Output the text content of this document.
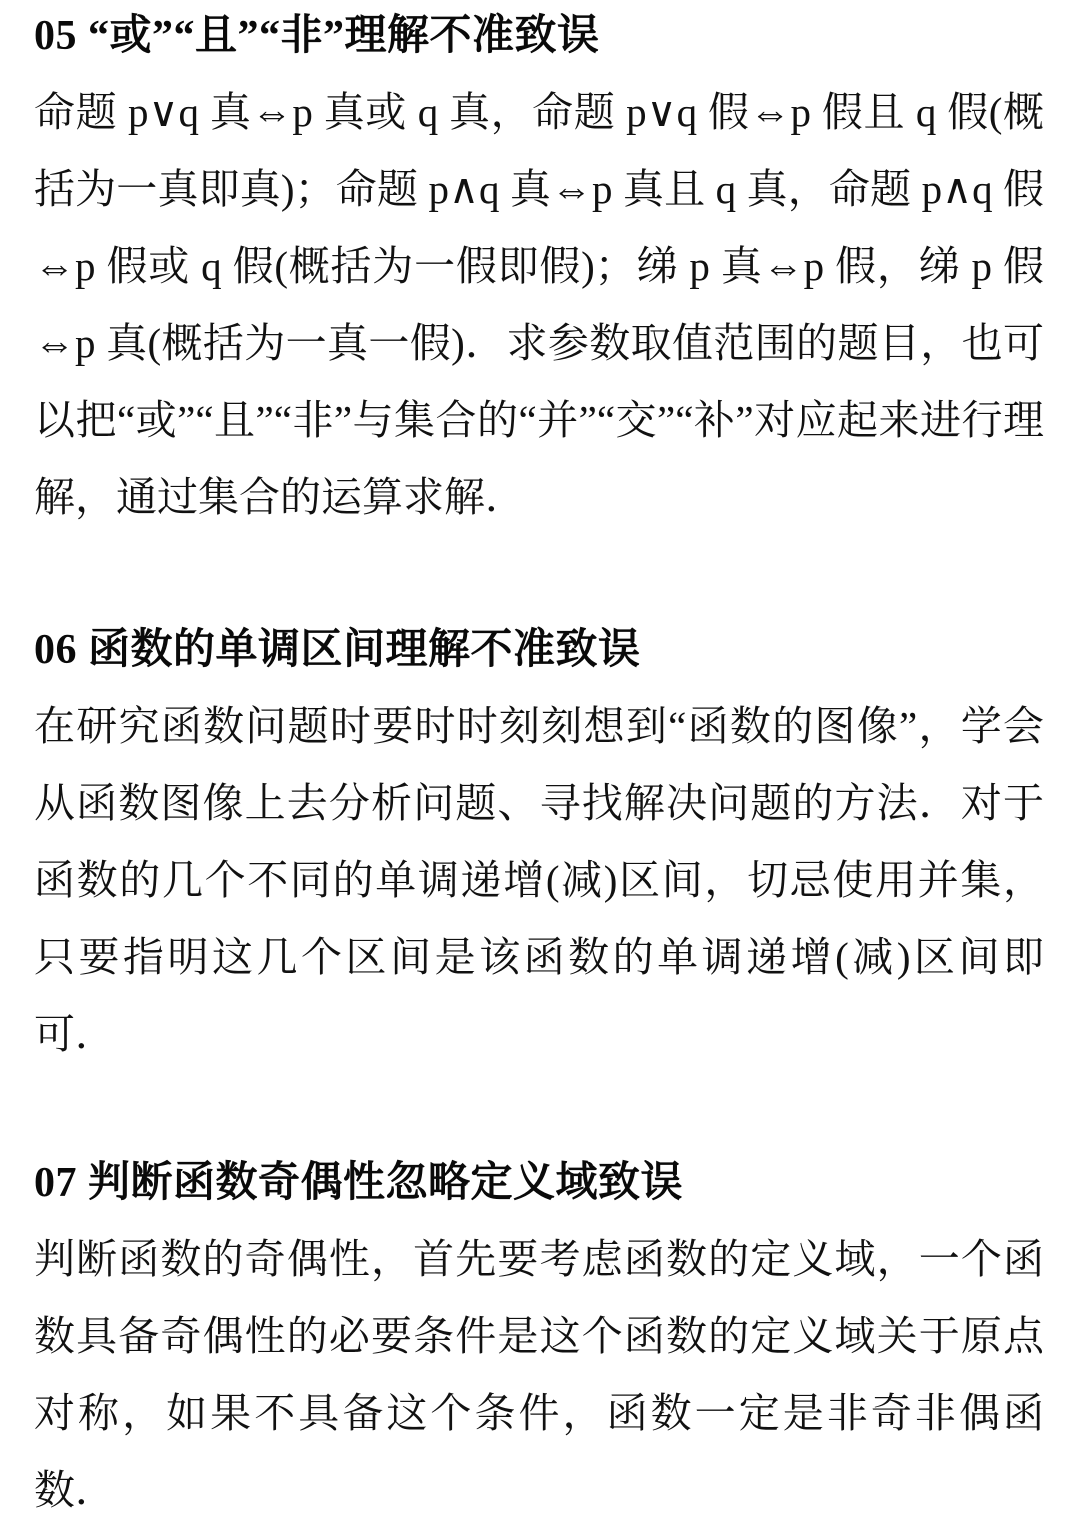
05 “或”“且”“非”理解不准致误

命题 p∨q 真⇔p 真或 q 真，命题 p∨q 假⇔p 假且 q 假(概括为一真即真)；命题 p∧q 真⇔p 真且 q 真，命题 p∧q 假⇔p 假或 q 假(概括为一假即假)；绨 p 真⇔p 假，绨 p 假⇔p 真(概括为一真一假)．求参数取值范围的题目，也可以把“或”“且”“非”与集合的“并”“交”“补”对应起来进行理解，通过集合的运算求解．

06 函数的单调区间理解不准致误

在研究函数问题时要时时刻刻想到“函数的图像”，学会从函数图像上去分析问题、寻找解决问题的方法．对于函数的几个不同的单调递增(减)区间，切忌使用并集，只要指明这几个区间是该函数的单调递增(减)区间即可．

07 判断函数奇偶性忽略定义域致误

判断函数的奇偶性，首先要考虑函数的定义域，一个函数具备奇偶性的必要条件是这个函数的定义域关于原点对称，如果不具备这个条件，函数一定是非奇非偶函数．
